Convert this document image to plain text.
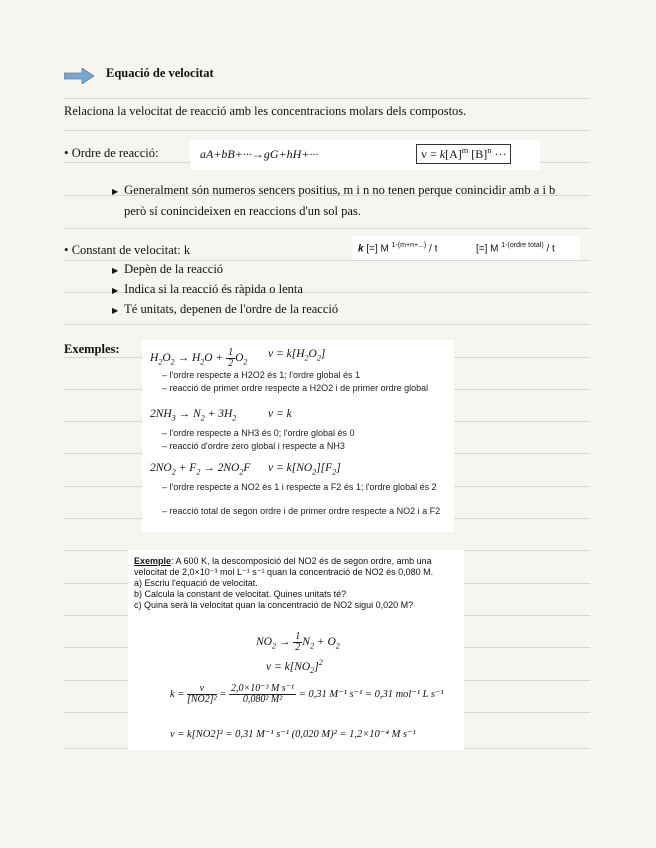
Equació de velocitat
Relaciona la velocitat de reacció amb les concentracions molars dels compostos.
• Ordre de reacció:	aA+bB+···→gG+hH+···	$v = k[A]^m$ $[B]^n$ ···
▶ Generalment són numeros sencers positius, m i n no tenen perque conincidir amb a i b
però sí conincideixen en reaccions d'un sol pas.
• Constant de velocitat: k	k [=] M $^{1-(m+n+...)}$ / t	[=] M $^{1-(ordre total)}$ / t
▶ Depèn de la reacció
▶ Indica si la reacció és ràpida o lenta
▶ Té unitats, depenen de l'ordre de la reacció
Exemples:
$H_2O_2 \to H_2O + \frac{1}{2} O_2$
$v = k[H_2O_2]$
– l'ordre respecte a H2O2 és 1; l'ordre global és 1
– reacció de primer ordre respecte a H2O2 i de primer ordre global
$2NH_3 \to N_2 + 3H_2$	v = k
– l'ordre respecte a NH3 és 0; l'ordre global és 0
– reacció d'ordre zero global i respecte a NH3
$2NO_2 + F_2 \to 2NO_2F$ $v = k[NO_2][F_2]$
– l'ordre respecte a NO2 és 1 i respecte a F2 és 1; l'ordre global és 2
– reacció total de segon ordre i de primer ordre respecte a NO2 i a F2
Exemple: A 600 K, la descomposició del NO2 és de segon ordre, amb una velocitat de 2,0×10⁻³ mol L⁻¹ s⁻¹ quan la concentració de NO2 és 0,080 M.
a) Escriu l'equació de velocitat.
b) Calcula la constant de velocitat. Quines unitats té?
c) Quina serà la velocitat quan la concentració de NO2 sigui 0,020 M?
$NO_2 \to \frac{1}{2} N_2 + O_2$
$v = k[NO_2]^2$
$k = \frac{v}{\text{[NO2]²}} = \frac{\text{2,0×10⁻³ M s⁻¹}}{\text{0,080² M²}} = 0,31$ M⁻¹ s⁻¹ = 0,31 mol⁻¹ L s⁻¹
v = k[NO2]² = 0,31 M⁻¹ s⁻¹ (0,020 M)² = 1,2×10⁻⁴ M s⁻¹
